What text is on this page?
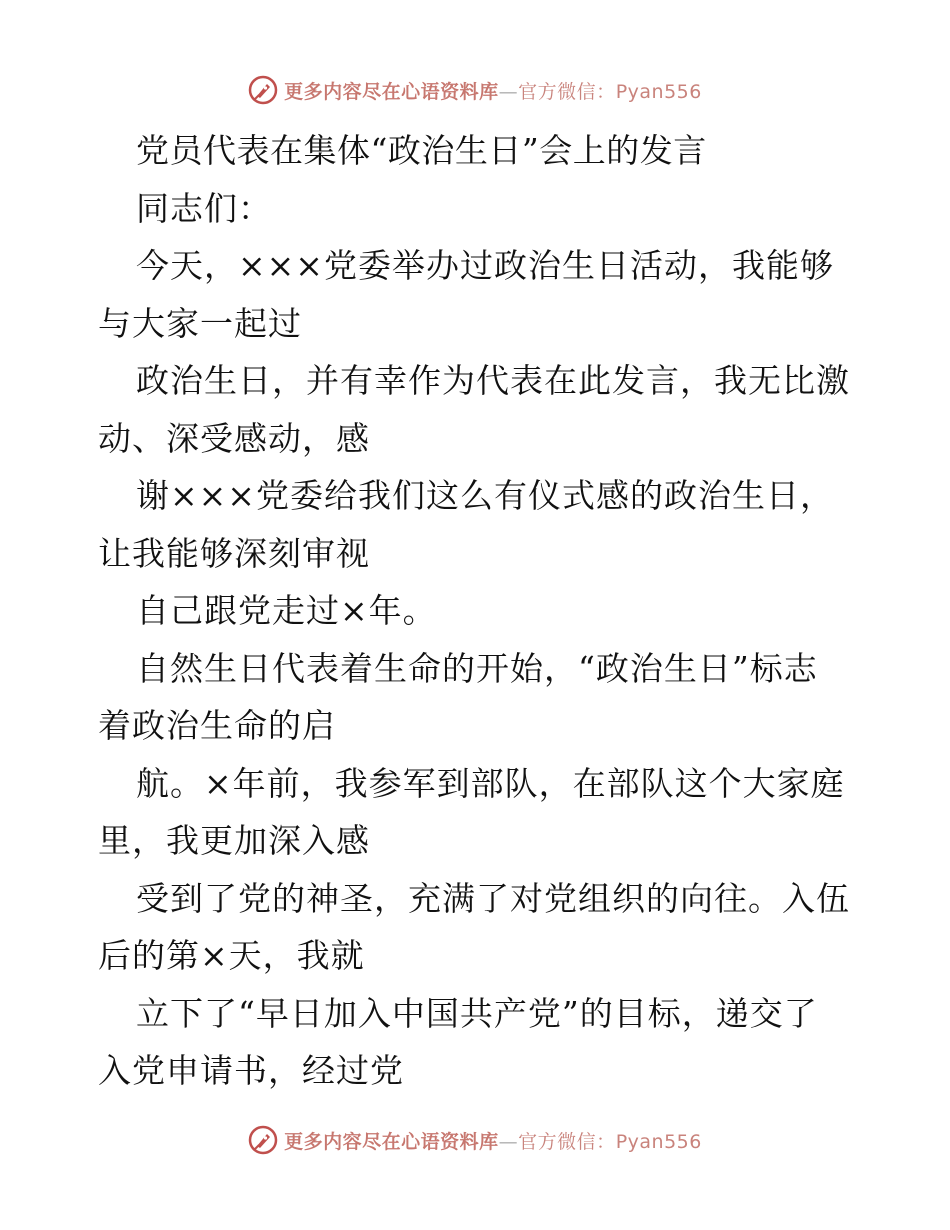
更多内容尽在心语资料库—官方微信：Pyan556
党员代表在集体“政治生日”会上的发言
同志们：
今天，×××党委举办过政治生日活动，我能够
与大家一起过
政治生日，并有幸作为代表在此发言，我无比激
动、深受感动，感
谢×××党委给我们这么有仪式感的政治生日，
让我能够深刻审视
自己跟党走过×年。
自然生日代表着生命的开始，“政治生日”标志
着政治生命的启
航。×年前，我参军到部队，在部队这个大家庭
里，我更加深入感
受到了党的神圣，充满了对党组织的向往。入伍
后的第×天，我就
立下了“早日加入中国共产党”的目标，递交了
入党申请书，经过党
更多内容尽在心语资料库—官方微信：Pyan556
